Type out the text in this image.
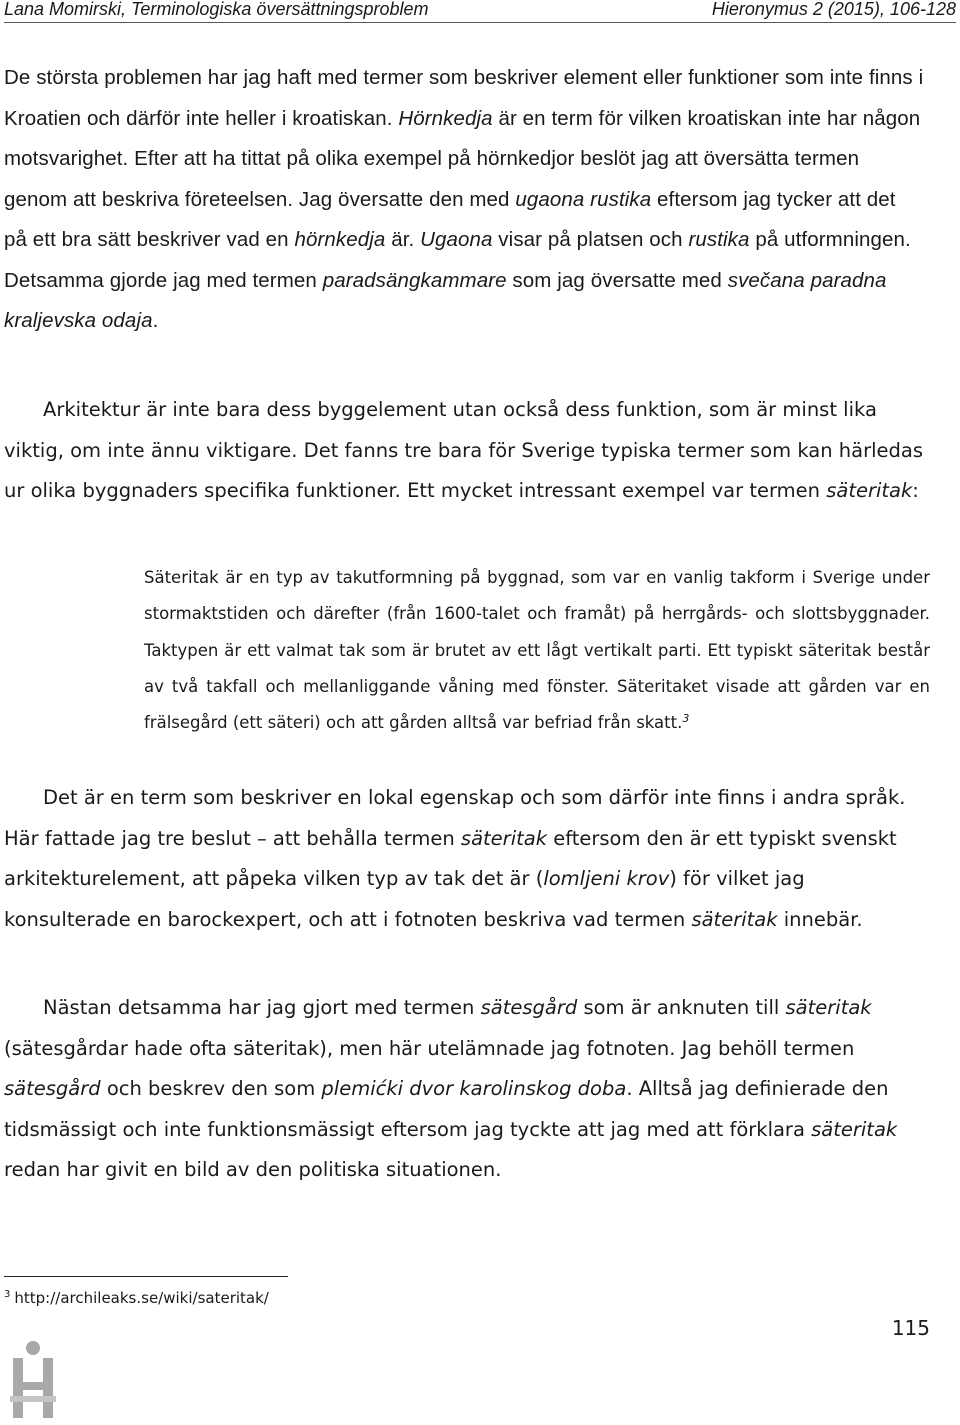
Lana Momirski, Terminologiska översättningsproblem	Hieronymus 2 (2015), 106-128

De största problemen har jag haft med termer som beskriver element eller funktioner som inte finns i Kroatien och därför inte heller i kroatiskan. Hörnkedja är en term för vilken kroatiskan inte har någon motsvarighet. Efter att ha tittat på olika exempel på hörnkedjor beslöt jag att översätta termen genom att beskriva företeelsen. Jag översatte den med ugaona rustika eftersom jag tycker att det på ett bra sätt beskriver vad en hörnkedja är. Ugaona visar på platsen och rustika på utformningen. Detsamma gjorde jag med termen paradsängkammare som jag översatte med svečana paradna kraljevska odaja.

Arkitektur är inte bara dess byggelement utan också dess funktion, som är minst lika viktig, om inte ännu viktigare. Det fanns tre bara för Sverige typiska termer som kan härledas ur olika byggnaders specifika funktioner. Ett mycket intressant exempel var termen säteritak:

Säteritak är en typ av takutformning på byggnad, som var en vanlig takform i Sverige under stormaktstiden och därefter (från 1600-talet och framåt) på herrgårds- och slottsbyggnader. Taktypen är ett valmat tak som är brutet av ett lågt vertikalt parti. Ett typiskt säteritak består av två takfall och mellanliggande våning med fönster. Säteritaket visade att gården var en frälsegård (ett säteri) och att gården alltså var befriad från skatt.$^3$

Det är en term som beskriver en lokal egenskap och som därför inte finns i andra språk. Här fattade jag tre beslut – att behålla termen säteritak eftersom den är ett typiskt svenskt arkitekturelement, att påpeka vilken typ av tak det är (lomljeni krov) för vilket jag konsulterade en barockexpert, och att i fotnoten beskriva vad termen säteritak innebär.

Nästan detsamma har jag gjort med termen sätesgård som är anknuten till säteritak (sätesgårdar hade ofta säteritak), men här utelämnade jag fotnoten. Jag behöll termen sätesgård och beskrev den som plemićki dvor karolinskog doba. Alltså jag definierade den tidsmässigt och inte funktionsmässigt eftersom jag tyckte att jag med att förklara säteritak redan har givit en bild av den politiska situationen.

$^3$ http://archileaks.se/wiki/sateritak/

115
